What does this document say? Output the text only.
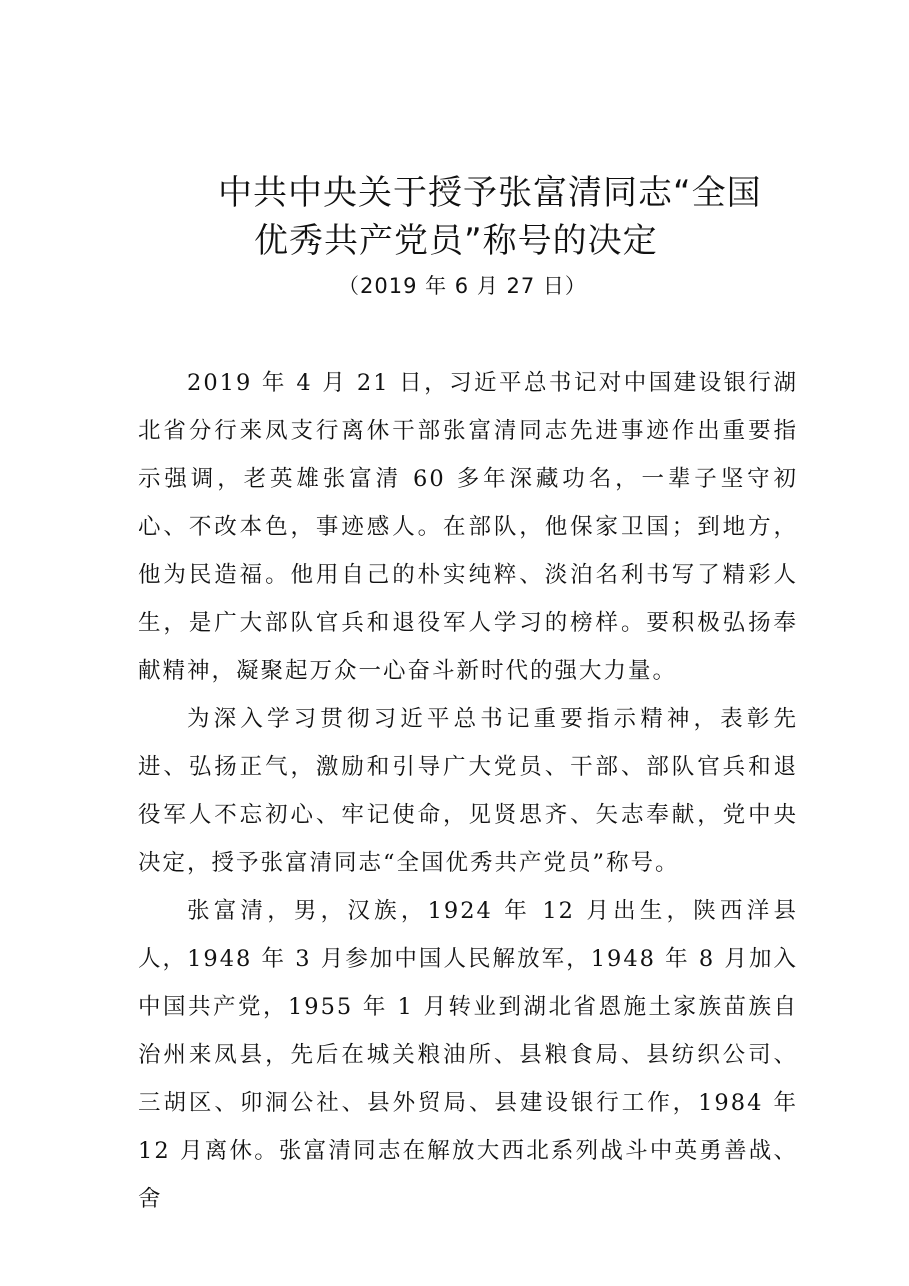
中共中央关于授予张富清同志“全国
优秀共产党员”称号的决定
（2019 年 6 月 27 日）

2019 年 4 月 21 日，习近平总书记对中国建设银行湖北省分行来凤支行离休干部张富清同志先进事迹作出重要指示强调，老英雄张富清 60 多年深藏功名，一辈子坚守初心、不改本色，事迹感人。在部队，他保家卫国；到地方，他为民造福。他用自己的朴实纯粹、淡泊名利书写了精彩人生，是广大部队官兵和退役军人学习的榜样。要积极弘扬奉献精神，凝聚起万众一心奋斗新时代的强大力量。

为深入学习贯彻习近平总书记重要指示精神，表彰先进、弘扬正气，激励和引导广大党员、干部、部队官兵和退役军人不忘初心、牢记使命，见贤思齐、矢志奉献，党中央决定，授予张富清同志“全国优秀共产党员”称号。

张富清，男，汉族，1924 年 12 月出生，陕西洋县人，1948 年 3 月参加中国人民解放军，1948 年 8 月加入中国共产党，1955 年 1 月转业到湖北省恩施土家族苗族自治州来凤县，先后在城关粮油所、县粮食局、县纺织公司、三胡区、卯洞公社、县外贸局、县建设银行工作，1984 年 12 月离休。张富清同志在解放大西北系列战斗中英勇善战、舍
